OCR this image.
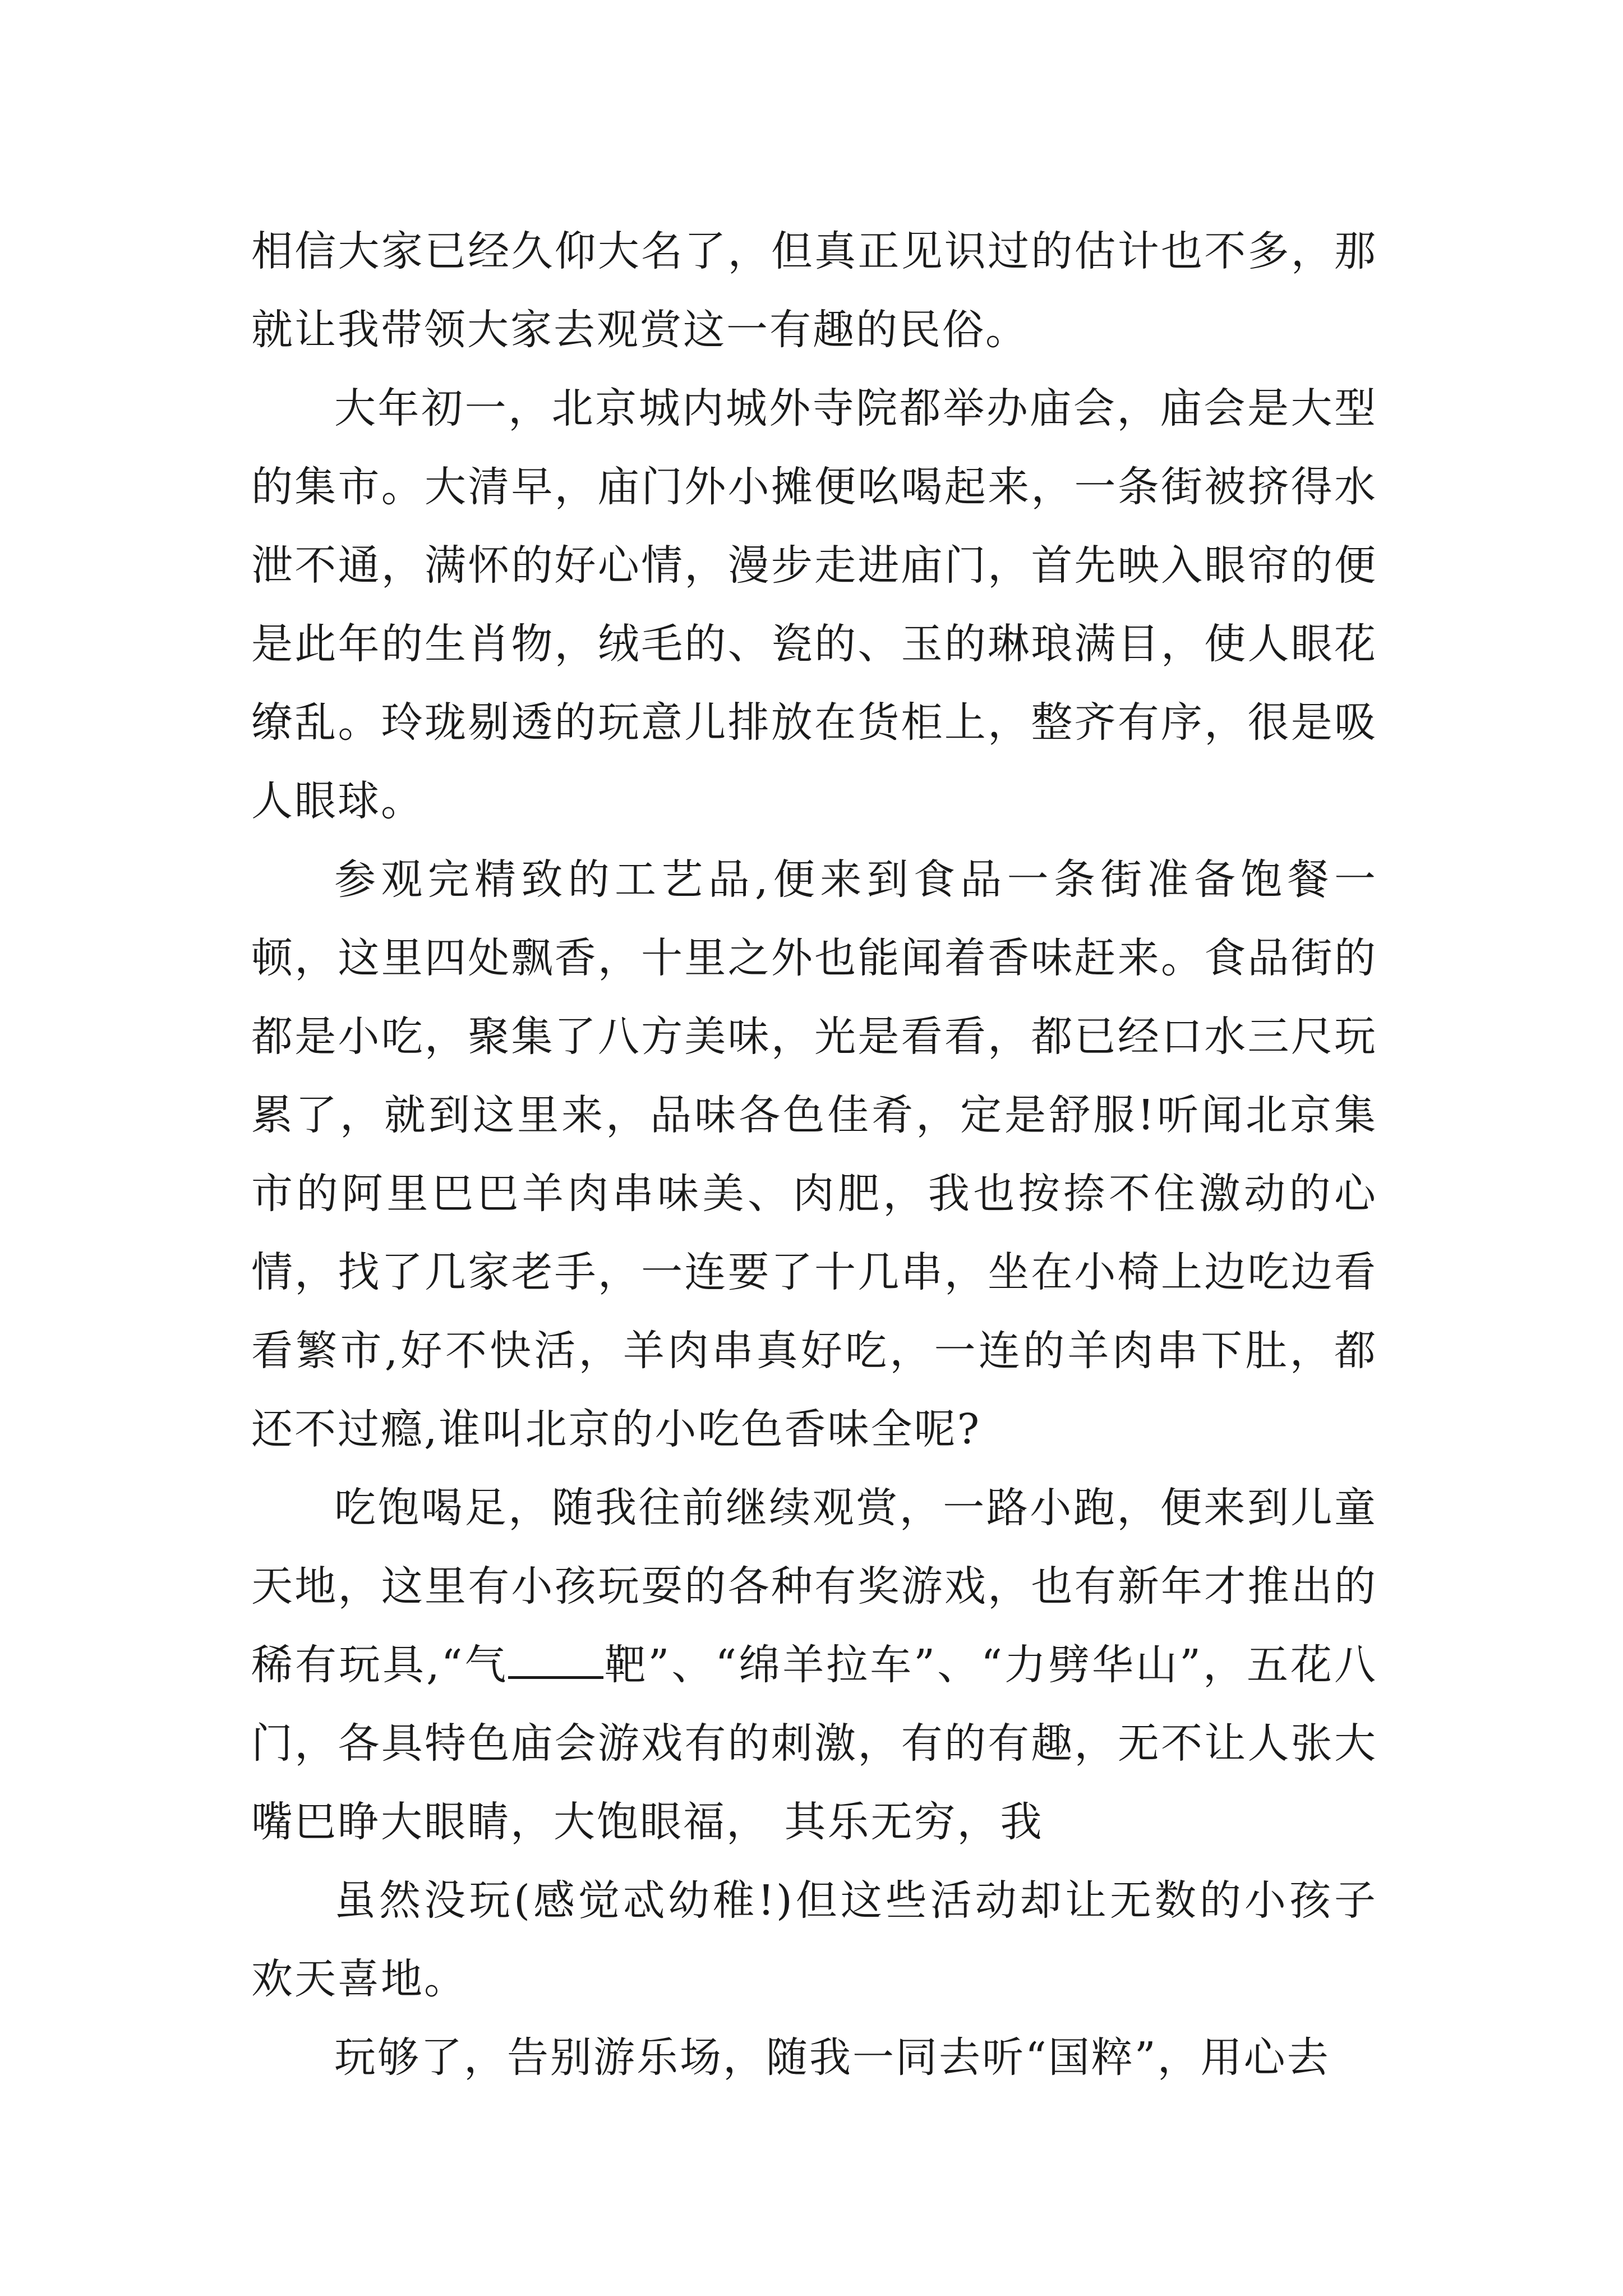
相信大家已经久仰大名了，但真正见识过的估计也不多，那就让我带领大家去观赏这一有趣的民俗。

大年初一，北京城内城外寺院都举办庙会，庙会是大型的集市。大清早，庙门外小摊便吆喝起来，一条街被挤得水泄不通，满怀的好心情，漫步走进庙门，首先映入眼帘的便是此年的生肖物，绒毛的、瓷的、玉的琳琅满目，使人眼花缭乱。玲珑剔透的玩意儿排放在货柜上，整齐有序，很是吸人眼球。

参观完精致的工艺品,便来到食品一条街准备饱餐一顿，这里四处飘香，十里之外也能闻着香味赶来。食品街的都是小吃，聚集了八方美味，光是看看，都已经口水三尺玩累了，就到这里来，品味各色佳肴，定是舒服!听闻北京集市的阿里巴巴羊肉串味美、肉肥，我也按捺不住激动的心情，找了几家老手，一连要了十几串，坐在小椅上边吃边看看繁市,好不快活，羊肉串真好吃，一连的羊肉串下肚，都还不过瘾,谁叫北京的小吃色香味全呢?

吃饱喝足，随我往前继续观赏，一路小跑，便来到儿童天地，这里有小孩玩耍的各种有奖游戏，也有新年才推出的稀有玩具,“气 靶”、“绵羊拉车”、“力劈华山”，五花八门，各具特色庙会游戏有的刺激，有的有趣，无不让人张大嘴巴睁大眼睛，大饱眼福， 其乐无穷，我

虽然没玩(感觉忒幼稚!)但这些活动却让无数的小孩子欢天喜地。

玩够了，告别游乐场，随我一同去听“国粹”，用心去
